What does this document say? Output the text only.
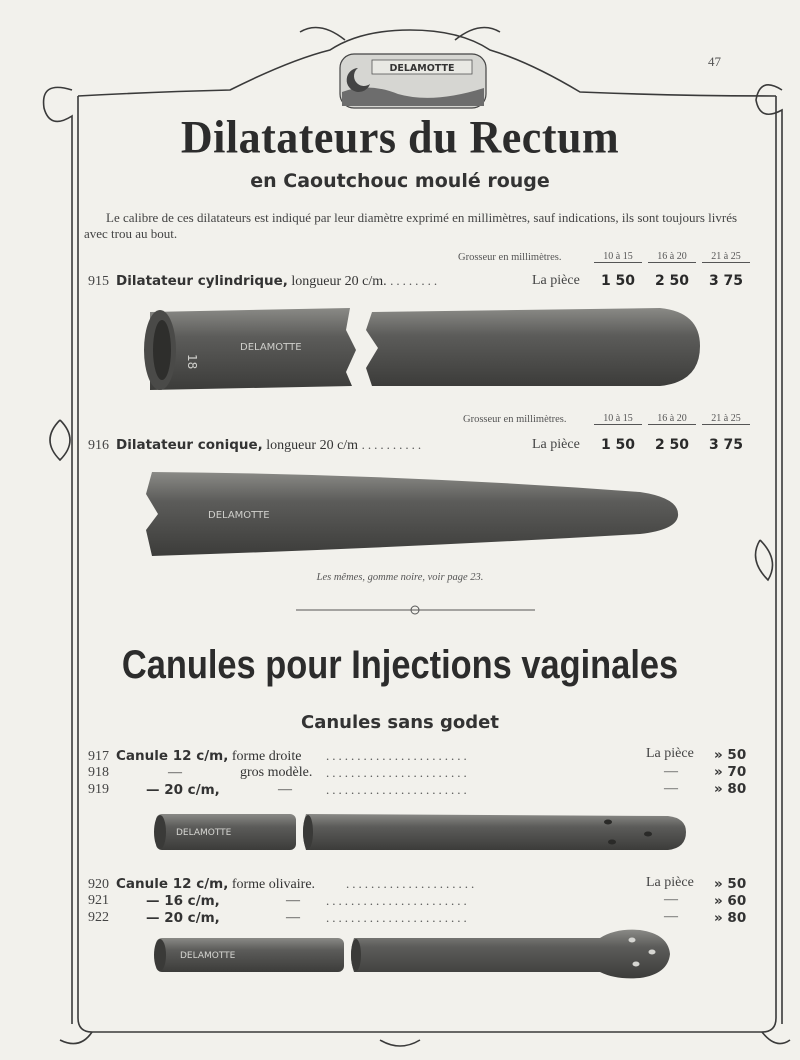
DELAMOTTE	47
Dilatateurs du Rectum
en Caoutchouc moulé rouge
Le calibre de ces dilatateurs est indiqué par leur diamètre exprimé en millimètres, sauf indications, ils sont toujours livrés avec trou au bout.
Grosseur en millimètres.	10 à 15	16 à 20	21 à 25
915 Dilatateur cylindrique, longueur 20 c/m. ........	La pièce	1 50	2 50	3 75
18
DELAMOTTE
Grosseur en millimètres.	10 à 15	16 à 20	21 à 25
916 Dilatateur conique, longueur 20 c/m ..........	La pièce	1 50	2 50	3 75
DELAMOTTE
Les mêmes, gomme noire, voir page 23.
Canules pour Injections vaginales
Canules sans godet
917 Canule 12 c/m, forme droite .......................	La pièce » 50
918	—	gros modèle. .......................	—	» 70
919	— 20 c/m,	—	.......................	—	» 80
DELAMOTTE
920 Canule 12 c/m, forme olivaire. .....................	La pièce » 50
921	— 16 c/m,	— .......................	—	» 60
922	— 20 c/m,	— .......................	—	» 80
DELAMOTTE
